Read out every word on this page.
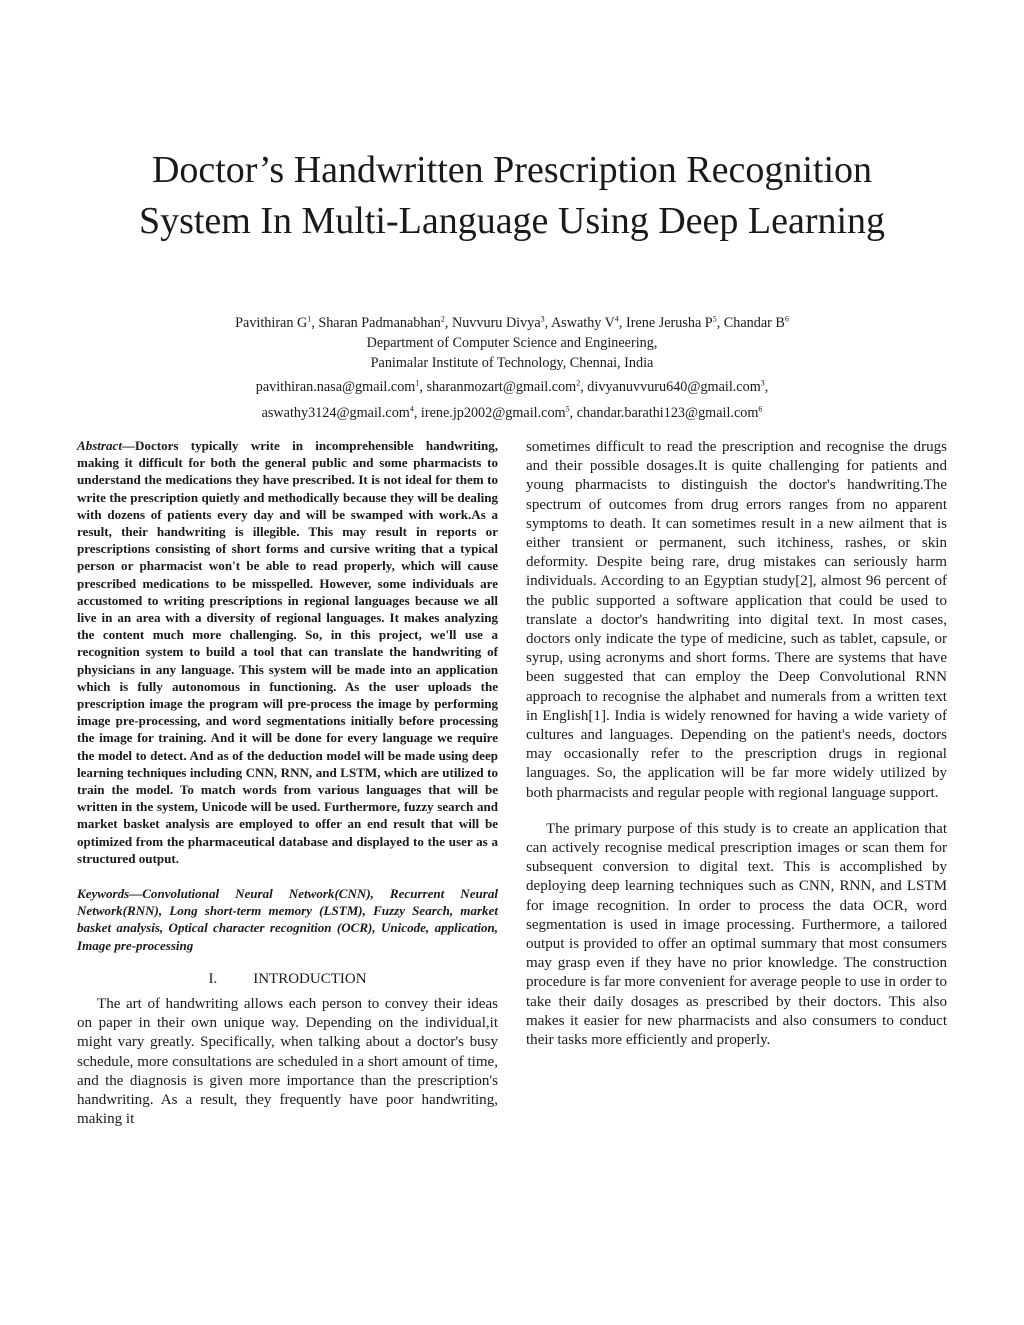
Doctor’s Handwritten Prescription Recognition System In Multi-Language Using Deep Learning
Pavithiran $G^1$, Sharan Padmanabhan$^2$, Nuvvuru Divya$^3$, Aswathy $V^4$, Irene Jerusha $P^5$, Chandar $B^6$
Department of Computer Science and Engineering,
Panimalar Institute of Technology, Chennai, India
pavithiran.nasa@gmail.com$^1$, sharanmozart@gmail.com$^2$, divyanuvvuru640@gmail.com$^3$,
aswathy3124@gmail.com$^4$, irene.jp2002@gmail.com$^5$, chandar.barathi123@gmail.com$^6$

Abstract—Doctors typically write in incomprehensible handwriting, making it difficult for both the general public and some pharmacists to understand the medications they have prescribed. It is not ideal for them to write the prescription quietly and methodically because they will be dealing with dozens of patients every day and will be swamped with work.As a result, their handwriting is illegible. This may result in reports or prescriptions consisting of short forms and cursive writing that a typical person or pharmacist won't be able to read properly, which will cause prescribed medications to be misspelled. However, some individuals are accustomed to writing prescriptions in regional languages because we all live in an area with a diversity of regional languages. It makes analyzing the content much more challenging. So, in this project, we'll use a recognition system to build a tool that can translate the handwriting of physicians in any language. This system will be made into an application which is fully autonomous in functioning. As the user uploads the prescription image the program will pre-process the image by performing image pre-processing, and word segmentations initially before processing the image for training. And it will be done for every language we require the model to detect. And as of the deduction model will be made using deep learning techniques including CNN, RNN, and LSTM, which are utilized to train the model. To match words from various languages that will be written in the system, Unicode will be used. Furthermore, fuzzy search and market basket analysis are employed to offer an end result that will be optimized from the pharmaceutical database and displayed to the user as a structured output.

Keywords—Convolutional Neural Network(CNN), Recurrent Neural Network(RNN), Long short-term memory (LSTM), Fuzzy Search, market basket analysis, Optical character recognition (OCR), Unicode, application, Image pre-processing

I. INTRODUCTION

The art of handwriting allows each person to convey their ideas on paper in their own unique way. Depending on the individual,it might vary greatly. Specifically, when talking about a doctor's busy schedule, more consultations are scheduled in a short amount of time, and the diagnosis is given more importance than the prescription's handwriting. As a result, they frequently have poor handwriting, making it

sometimes difficult to read the prescription and recognise the drugs and their possible dosages.It is quite challenging for patients and young pharmacists to distinguish the doctor's handwriting.The spectrum of outcomes from drug errors ranges from no apparent symptoms to death. It can sometimes result in a new ailment that is either transient or permanent, such itchiness, rashes, or skin deformity. Despite being rare, drug mistakes can seriously harm individuals. According to an Egyptian study[2], almost 96 percent of the public supported a software application that could be used to translate a doctor's handwriting into digital text. In most cases, doctors only indicate the type of medicine, such as tablet, capsule, or syrup, using acronyms and short forms. There are systems that have been suggested that can employ the Deep Convolutional RNN approach to recognise the alphabet and numerals from a written text in English[1]. India is widely renowned for having a wide variety of cultures and languages. Depending on the patient's needs, doctors may occasionally refer to the prescription drugs in regional languages. So, the application will be far more widely utilized by both pharmacists and regular people with regional language support.

The primary purpose of this study is to create an application that can actively recognise medical prescription images or scan them for subsequent conversion to digital text. This is accomplished by deploying deep learning techniques such as CNN, RNN, and LSTM for image recognition. In order to process the data OCR, word segmentation is used in image processing. Furthermore, a tailored output is provided to offer an optimal summary that most consumers may grasp even if they have no prior knowledge. The construction procedure is far more convenient for average people to use in order to take their daily dosages as prescribed by their doctors. This also makes it easier for new pharmacists and also consumers to conduct their tasks more efficiently and properly.
